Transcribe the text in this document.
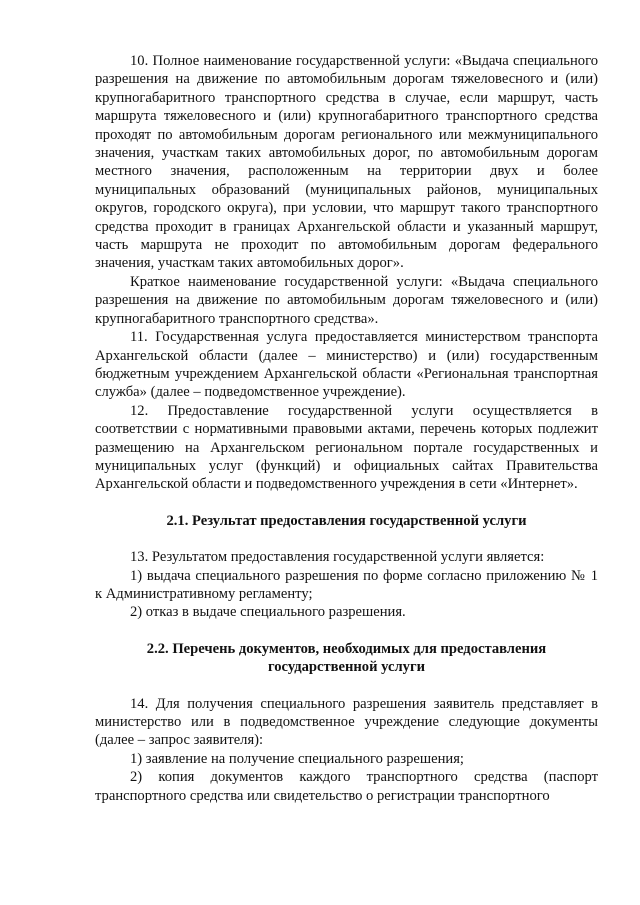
10. Полное наименование государственной услуги: «Выдача специального разрешения на движение по автомобильным дорогам тяжеловесного и (или) крупногабаритного транспортного средства в случае, если маршрут, часть маршрута тяжеловесного и (или) крупногабаритного транспортного средства проходят по автомобильным дорогам регионального или межмуниципального значения, участкам таких автомобильных дорог, по автомобильным дорогам местного значения, расположенным на территории двух и более муниципальных образований (муниципальных районов, муниципальных округов, городского округа), при условии, что маршрут такого транспортного средства проходит в границах Архангельской области и указанный маршрут, часть маршрута не проходит по автомобильным дорогам федерального значения, участкам таких автомобильных дорог».

Краткое наименование государственной услуги: «Выдача специального разрешения на движение по автомобильным дорогам тяжеловесного и (или) крупногабаритного транспортного средства».

11. Государственная услуга предоставляется министерством транспорта Архангельской области (далее – министерство) и (или) государственным бюджетным учреждением Архангельской области «Региональная транспортная служба» (далее – подведомственное учреждение).

12. Предоставление государственной услуги осуществляется в соответствии с нормативными правовыми актами, перечень которых подлежит размещению на Архангельском региональном портале государственных и муниципальных услуг (функций) и официальных сайтах Правительства Архангельской области и подведомственного учреждения в сети «Интернет».

2.1. Результат предоставления государственной услуги

13. Результатом предоставления государственной услуги является:

1) выдача специального разрешения по форме согласно приложению № 1 к Административному регламенту;

2) отказ в выдаче специального разрешения.

2.2. Перечень документов, необходимых для предоставления
государственной услуги

14. Для получения специального разрешения заявитель представляет в министерство или в подведомственное учреждение следующие документы (далее – запрос заявителя):

1) заявление на получение специального разрешения;

2) копия документов каждого транспортного средства (паспорт транспортного средства или свидетельство о регистрации транспортного
